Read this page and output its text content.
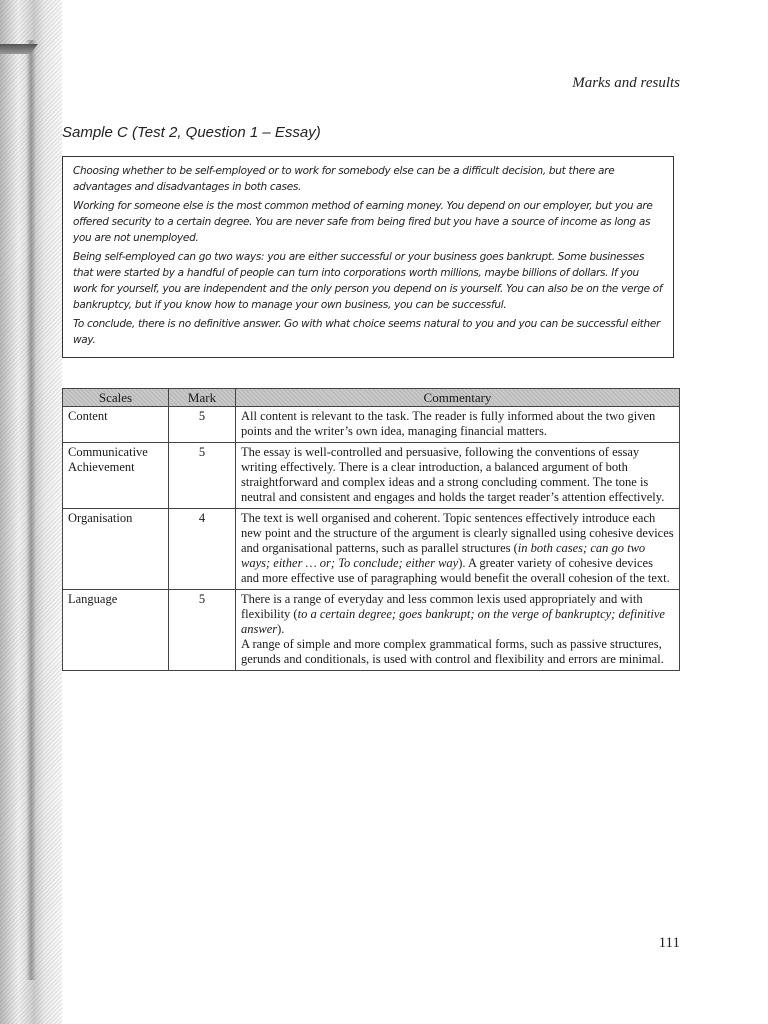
Marks and results
Sample C (Test 2, Question 1 – Essay)

Choosing whether to be self-employed or to work for somebody else can be a difficult decision, but there are advantages and disadvantages in both cases.

Working for someone else is the most common method of earning money. You depend on our employer, but you are offered security to a certain degree. You are never safe from being fired but you have a source of income as long as you are not unemployed.

Being self-employed can go two ways: you are either successful or your business goes bankrupt. Some businesses that were started by a handful of people can turn into corporations worth millions, maybe billions of dollars. If you work for yourself, you are independent and the only person you depend on is yourself. You can also be on the verge of bankruptcy, but if you know how to manage your own business, you can be successful.

To conclude, there is no definitive answer. Go with what choice seems natural to you and you can be successful either way.

Scales	Mark	Commentary
Content	5	All content is relevant to the task. The reader is fully informed about the two given points and the writer’s own idea, managing financial matters.
Communicative Achievement	5	The essay is well-controlled and persuasive, following the conventions of essay writing effectively. There is a clear introduction, a balanced argument of both straightforward and complex ideas and a strong concluding comment. The tone is neutral and consistent and engages and holds the target reader’s attention effectively.
Organisation	4	The text is well organised and coherent. Topic sentences effectively introduce each new point and the structure of the argument is clearly signalled using cohesive devices and organisational patterns, such as parallel structures (in both cases; can go two ways; either … or; To conclude; either way). A greater variety of cohesive devices and more effective use of paragraphing would benefit the overall cohesion of the text.
Language	5	There is a range of everyday and less common lexis used appropriately and with flexibility (to a certain degree; goes bankrupt; on the verge of bankruptcy; definitive answer).
A range of simple and more complex grammatical forms, such as passive structures, gerunds and conditionals, is used with control and flexibility and errors are minimal.
111
